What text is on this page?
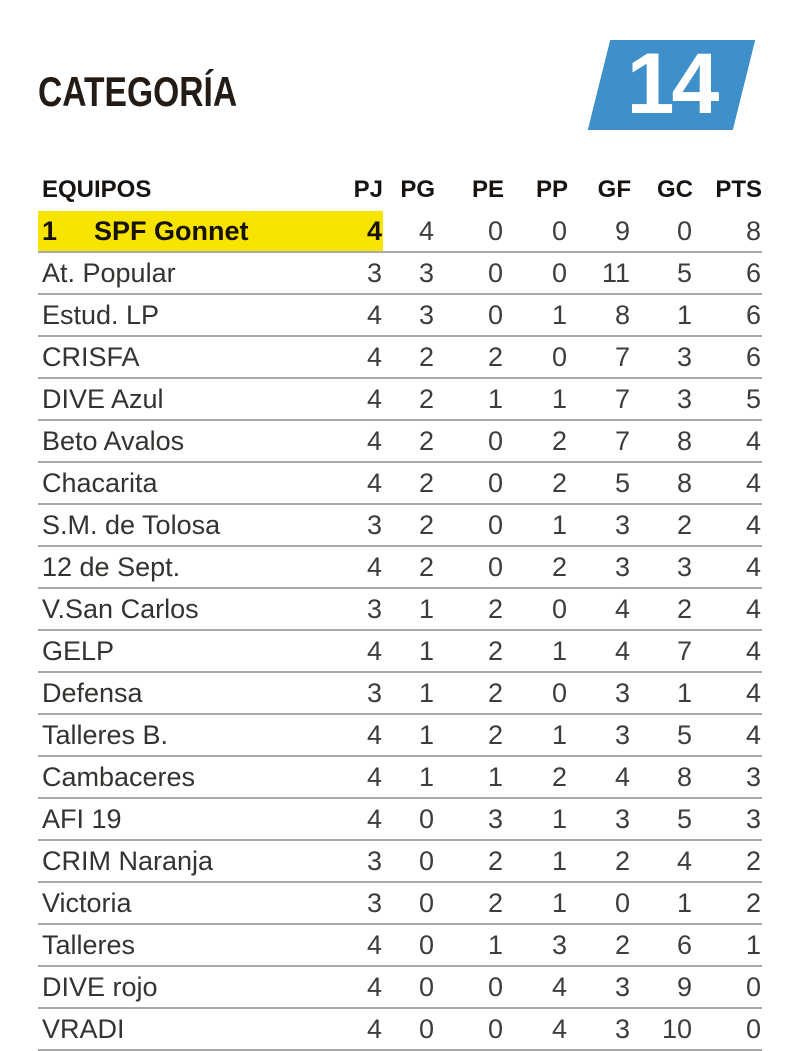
CATEGORÍA	14
EQUIPOS	PJ	PG	PE	PP	GF	GC	PTS
1 SPF Gonnet	4	4	0	0	9	0	8
At. Popular	3	3	0	0	11	5	6
Estud. LP	4	3	0	1	8	1	6
CRISFA	4	2	2	0	7	3	6
DIVE Azul	4	2	1	1	7	3	5
Beto Avalos	4	2	0	2	7	8	4
Chacarita	4	2	0	2	5	8	4
S.M. de Tolosa	3	2	0	1	3	2	4
12 de Sept.	4	2	0	2	3	3	4
V.San Carlos	3	1	2	0	4	2	4
GELP	4	1	2	1	4	7	4
Defensa	3	1	2	0	3	1	4
Talleres B.	4	1	2	1	3	5	4
Cambaceres	4	1	1	2	4	8	3
AFI 19	4	0	3	1	3	5	3
CRIM Naranja	3	0	2	1	2	4	2
Victoria	3	0	2	1	0	1	2
Talleres	4	0	1	3	2	6	1
DIVE rojo	4	0	0	4	3	9	0
VRADI	4	0	0	4	3	10	0
